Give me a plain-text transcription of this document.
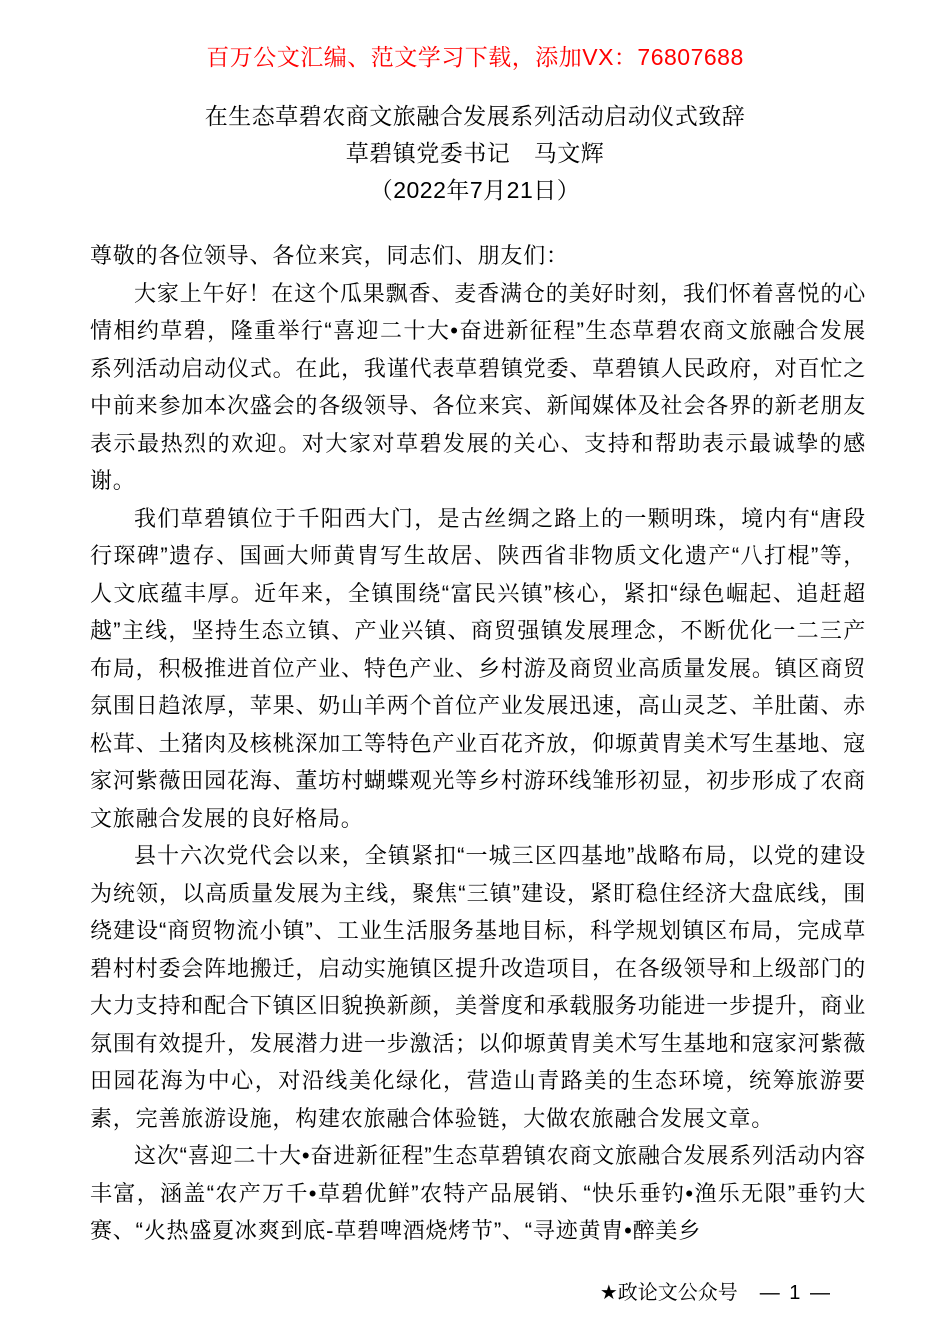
百万公文汇编、范文学习下载，添加VX：76807688
在生态草碧农商文旅融合发展系列活动启动仪式致辞
草碧镇党委书记　马文辉
（2022年7月21日）

尊敬的各位领导、各位来宾，同志们、朋友们：

大家上午好！在这个瓜果飘香、麦香满仓的美好时刻，我们怀着喜悦的心情相约草碧，隆重举行“喜迎二十大•奋进新征程”生态草碧农商文旅融合发展系列活动启动仪式。在此，我谨代表草碧镇党委、草碧镇人民政府，对百忙之中前来参加本次盛会的各级领导、各位来宾、新闻媒体及社会各界的新老朋友表示最热烈的欢迎。对大家对草碧发展的关心、支持和帮助表示最诚挚的感谢。

我们草碧镇位于千阳西大门，是古丝绸之路上的一颗明珠，境内有“唐段行琛碑”遗存、国画大师黄胄写生故居、陕西省非物质文化遗产“八打棍”等，人文底蕴丰厚。近年来，全镇围绕“富民兴镇”核心，紧扣“绿色崛起、追赶超越”主线，坚持生态立镇、产业兴镇、商贸强镇发展理念，不断优化一二三产布局，积极推进首位产业、特色产业、乡村游及商贸业高质量发展。镇区商贸氛围日趋浓厚，苹果、奶山羊两个首位产业发展迅速，高山灵芝、羊肚菌、赤松茸、土猪肉及核桃深加工等特色产业百花齐放，仰塬黄胄美术写生基地、寇家河紫薇田园花海、董坊村蝴蝶观光等乡村游环线雏形初显，初步形成了农商文旅融合发展的良好格局。

县十六次党代会以来，全镇紧扣“一城三区四基地”战略布局，以党的建设为统领，以高质量发展为主线，聚焦“三镇”建设，紧盯稳住经济大盘底线，围绕建设“商贸物流小镇”、工业生活服务基地目标，科学规划镇区布局，完成草碧村村委会阵地搬迁，启动实施镇区提升改造项目，在各级领导和上级部门的大力支持和配合下镇区旧貌换新颜，美誉度和承载服务功能进一步提升，商业氛围有效提升，发展潜力进一步激活；以仰塬黄胄美术写生基地和寇家河紫薇田园花海为中心，对沿线美化绿化，营造山青路美的生态环境，统筹旅游要素，完善旅游设施，构建农旅融合体验链，大做农旅融合发展文章。

这次“喜迎二十大•奋进新征程”生态草碧镇农商文旅融合发展系列活动内容丰富，涵盖“农产万千•草碧优鲜”农特产品展销、“快乐垂钓•渔乐无限”垂钓大赛、“火热盛夏冰爽到底-草碧啤酒烧烤节”、“寻迹黄胄•醉美乡

★政论文公众号 — 1 —
